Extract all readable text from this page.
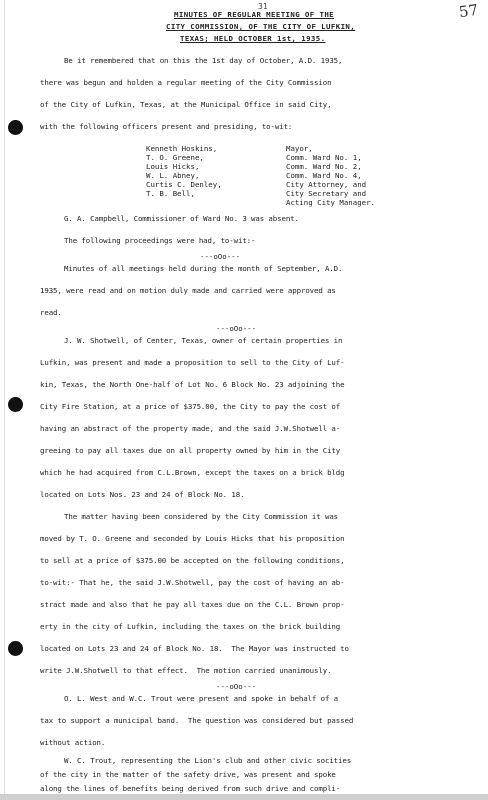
57
31
MINUTES OF REGULAR MEETING OF THE
CITY COMMISSION, OF THE CITY OF LUFKIN,
TEXAS; HELD OCTOBER 1st, 1935.
Be it remembered that on this the 1st day of October, A.D. 1935,
there was begun and holden a regular meeting of the City Commission
of the City of Lufkin, Texas, at the Municipal Office in said City,
with the following officers present and presiding, to-wit:
Kenneth Hoskins,	Mayor,
T. O. Greene,	Comm. Ward No. 1,
Louis Hicks,	Comm. Ward No. 2,
W. L. Abney,	Comm. Ward No. 4,
Curtis C. Denley,	City Attorney, and
T. B. Bell,	City Secretary and
Acting City Manager.
G. A. Campbell, Commissioner of Ward No. 3 was absent.
The following proceedings were had, to-wit:-
---oOo---
Minutes of all meetings held during the month of September, A.D.
1935, were read and on motion duly made and carried were approved as
read.
---oOo---
J. W. Shotwell, of Center, Texas, owner of certain properties in
Lufkin, was present and made a proposition to sell to the City of Luf-
kin, Texas, the North One-half of Lot No. 6 Block No. 23 adjoining the
City Fire Station, at a price of $375.00, the City to pay the cost of
having an abstract of the property made, and the said J.W.Shotwell a-
greeing to pay all taxes due on all property owned by him in the City
which he had acquired from C.L.Brown, except the taxes on a brick bldg
located on Lots Nos. 23 and 24 of Block No. 18.
The matter having been considered by the City Commission it was
moved by T. O. Greene and seconded by Louis Hicks that his proposition
to sell at a price of $375.00 be accepted on the following conditions,
to-wit:- That he, the said J.W.Shotwell, pay the cost of having an ab-
stract made and also that he pay all taxes due on the C.L. Brown prop-
erty in the city of Lufkin, including the taxes on the brick building
located on Lots 23 and 24 of Block No. 18.  The Mayor was instructed to
write J.W.Shotwell to that effect.  The motion carried unanimously.
---oOo---
O. L. West and W.C. Trout were present and spoke in behalf of a
tax to support a municipal band.  The question was considered but passed
without action.
W. C. Trout, representing the Lion's club and other civic socities
of the city in the matter of the safety drive, was present and spoke
along the lines of benefits being derived from such drive and compli-
